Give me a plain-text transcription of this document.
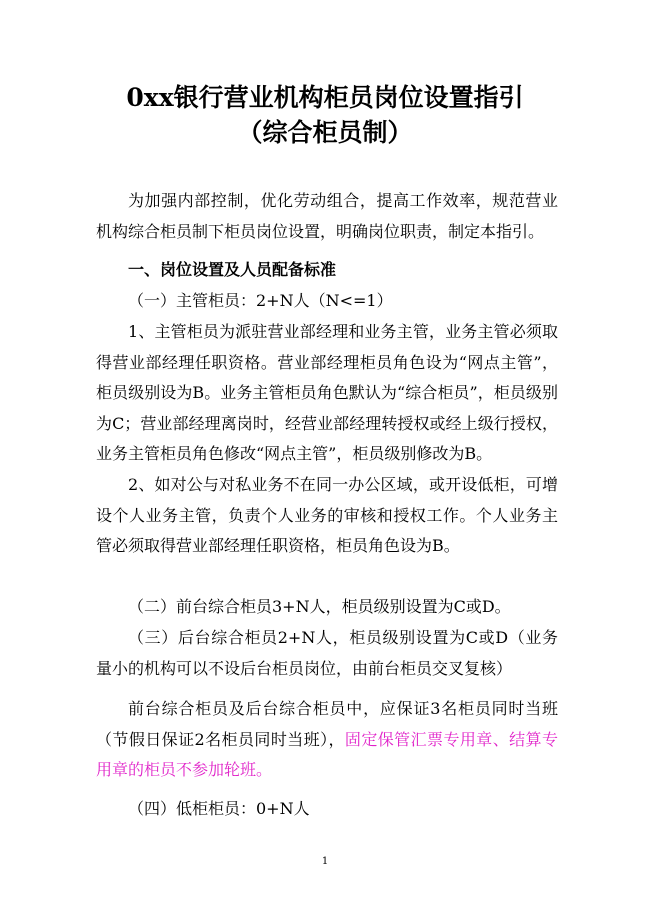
0xx银行营业机构柜员岗位设置指引
（综合柜员制）

为加强内部控制，优化劳动组合，提高工作效率，规范营业机构综合柜员制下柜员岗位设置，明确岗位职责，制定本指引。

一、岗位设置及人员配备标准

（一）主管柜员：2+N人（N<=1）

1、主管柜员为派驻营业部经理和业务主管，业务主管必须取得营业部经理任职资格。营业部经理柜员角色设为“网点主管”，柜员级别设为B。业务主管柜员角色默认为“综合柜员”，柜员级别为C；营业部经理离岗时，经营业部经理转授权或经上级行授权，业务主管柜员角色修改“网点主管”，柜员级别修改为B。

2、如对公与对私业务不在同一办公区域，或开设低柜，可增设个人业务主管，负责个人业务的审核和授权工作。个人业务主管必须取得营业部经理任职资格，柜员角色设为B。

（二）前台综合柜员3+N人，柜员级别设置为C或D。

（三）后台综合柜员2+N人，柜员级别设置为C或D（业务量小的机构可以不设后台柜员岗位，由前台柜员交叉复核）

前台综合柜员及后台综合柜员中，应保证3名柜员同时当班（节假日保证2名柜员同时当班），固定保管汇票专用章、结算专用章的柜员不参加轮班。

（四）低柜柜员：0+N人

1
